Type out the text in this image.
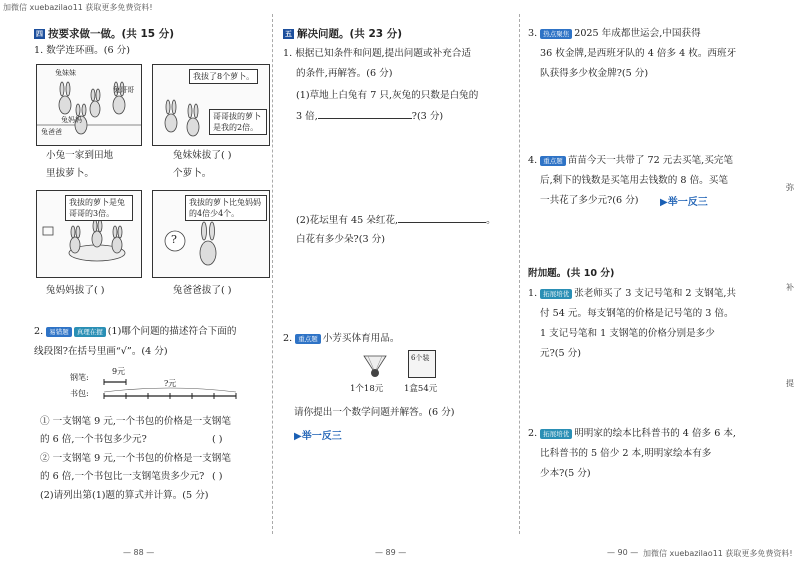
加微信 xuebazilao11 获取更多免费资料!
加微信 xuebazilao11 获取更多免费资料!
— 88 —	— 89 —	— 90 —
弥
补
提
四 按要求做一做。(共 15 分)
1. 数学连环画。(6 分)
兔妹妹
兔哥哥
兔妈妈
兔爸爸
我拔了8个萝卜。
哥哥拔的萝卜是我的2倍。
小兔一家到田地
里拔萝卜。
兔妹妹拔了( )
个萝卜。
我拔的萝卜是兔哥哥的3倍。
?
我拔的萝卜比兔妈妈的4倍少4个。
兔妈妈拔了( )	兔爸爸拔了( )
2. 易错题 真理在握 (1)哪个问题的描述符合下面的
线段图?在括号里画“√”。(4 分)
钢笔:
9元
?元
书包:
① 一支钢笔 9 元,一个书包的价格是一支钢笔
的 6 倍,一个书包多少元?	( )
② 一支钢笔 9 元,一个书包的价格是一支钢笔
的 6 倍,一个书包比一支钢笔贵多少元? ( )
(2)请列出第(1)题的算式并计算。(5 分)
五 解决问题。(共 23 分)
1. 根据已知条件和问题,提出问题或补充合适
的条件,再解答。(6 分)
(1)草地上白兔有 7 只,灰兔的只数是白兔的
3 倍,	?(3 分)
(2)花坛里有 45 朵红花,	。
白花有多少朵?(3 分)
2. 重点题 小芳买体育用品。
6个装
1个18元 1盒54元
请你提出一个数学问题并解答。(6 分)
▶举一反三
3. 热点聚焦 2025 年成都世运会,中国获得
36 枚金牌,是西班牙队的 4 倍多 4 枚。西班牙
队获得多少枚金牌?(5 分)
4. 重点题 苗苗今天一共带了 72 元去买笔,买完笔
后,剩下的钱数是买笔用去钱数的 8 倍。买笔
一共花了多少元?(6 分) ▶举一反三
附加题。(共 10 分)
1. 拓展培优 张老师买了 3 支记号笔和 2 支钢笔,共
付 54 元。每支钢笔的价格是记号笔的 3 倍。
1 支记号笔和 1 支钢笔的价格分别是多少
元?(5 分)
2. 拓展培优 明明家的绘本比科普书的 4 倍多 6 本,
比科普书的 5 倍少 2 本,明明家绘本有多
少本?(5 分)
